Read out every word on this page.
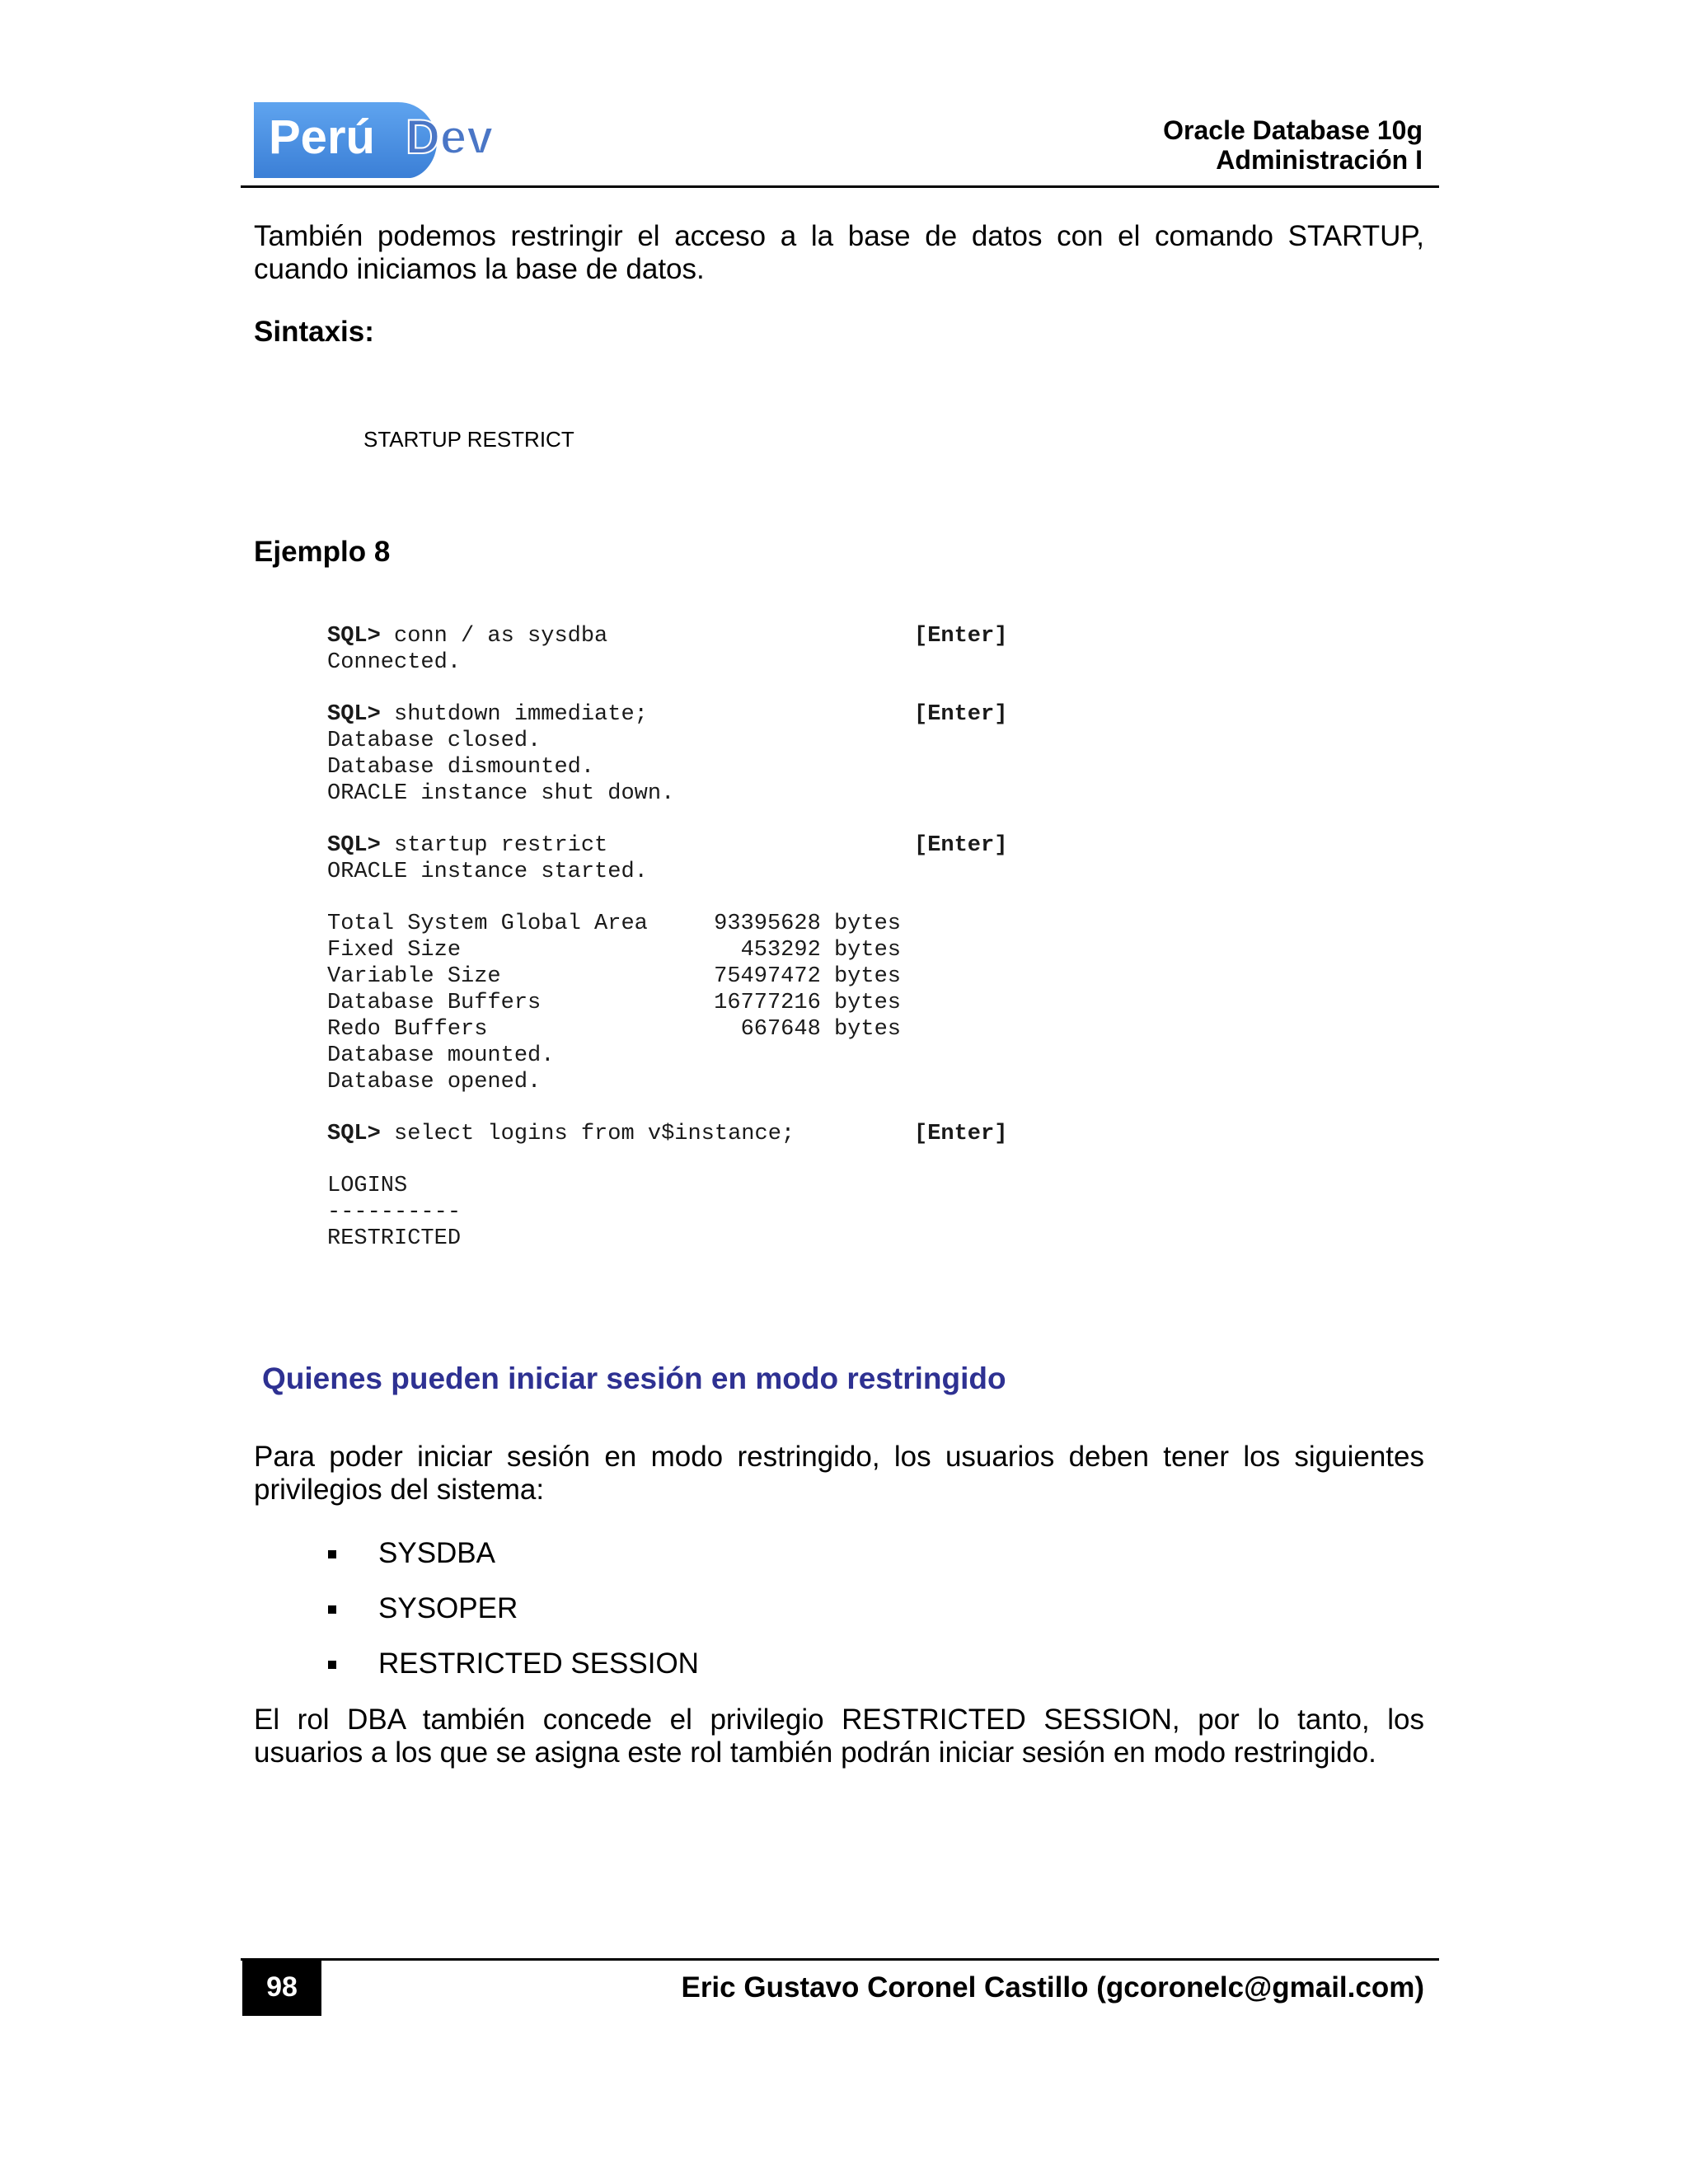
Perú Dev	Oracle Database 10g
Administración I
También podemos restringir el acceso a la base de datos con el comando STARTUP, cuando iniciamos la base de datos.
Sintaxis:
STARTUP RESTRICT
Ejemplo 8
SQL> conn / as sysdba	[Enter]
Connected.
SQL> shutdown immediate;	[Enter]
Database closed.
Database dismounted.
ORACLE instance shut down.
SQL> startup restrict	[Enter]
ORACLE instance started.
Total System Global Area	93395628 bytes
Fixed Size	453292 bytes
Variable Size	75497472 bytes
Database Buffers	16777216 bytes
Redo Buffers	667648 bytes
Database mounted.
Database opened.
SQL> select logins from v$instance;	[Enter]
LOGINS
----------
RESTRICTED
Quienes pueden iniciar sesión en modo restringido
Para poder iniciar sesión en modo restringido, los usuarios deben tener los siguientes privilegios del sistema:
SYSDBA
SYSOPER
RESTRICTED SESSION
El rol DBA también concede el privilegio RESTRICTED SESSION, por lo tanto, los usuarios a los que se asigna este rol también podrán iniciar sesión en modo restringido.
98	Eric Gustavo Coronel Castillo (gcoronelc@gmail.com)
